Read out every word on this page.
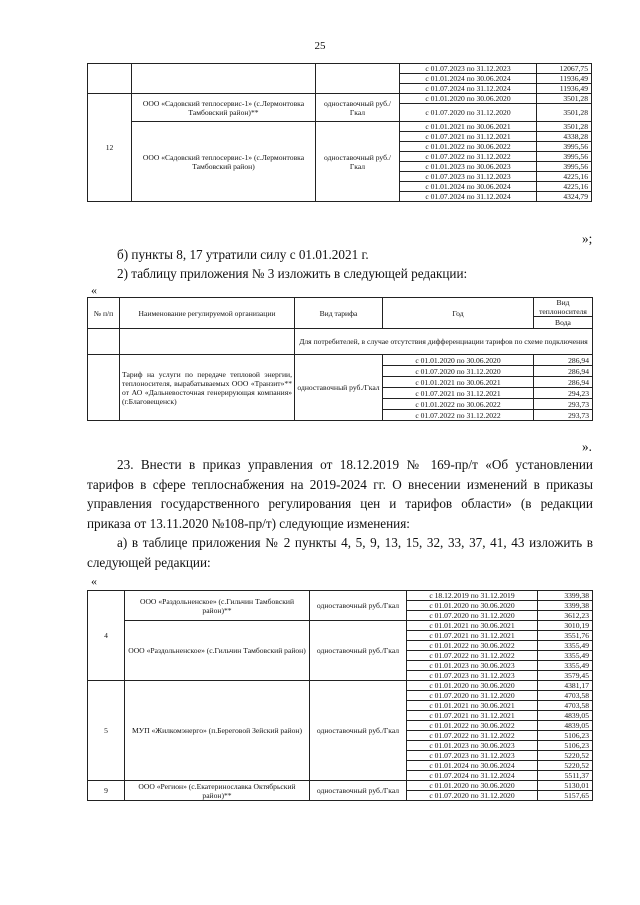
25
			с 01.07.2023 по 31.12.2023	12067,75
			с 01.01.2024 по 30.06.2024	11936,49
			с 01.07.2024 по 31.12.2024	11936,49
12	ООО «Садовский теплосервис-1» (с.Лермонтовка Тамбовский район)**	одноставочный руб./Гкал	с 01.01.2020 по 30.06.2020	3501,28
			с 01.07.2020 по 31.12.2020	3501,28
	ООО «Садовский теплосервис-1» (с.Лермонтовка Тамбовский район)	одноставочный руб./Гкал	с 01.01.2021 по 30.06.2021	3501,28
			с 01.07.2021 по 31.12.2021	4338,28
			с 01.01.2022 по 30.06.2022	3995,56
			с 01.07.2022 по 31.12.2022	3995,56
			с 01.01.2023 по 30.06.2023	3995,56
			с 01.07.2023 по 31.12.2023	4225,16
			с 01.01.2024 по 30.06.2024	4225,16
			с 01.07.2024 по 31.12.2024	4324,79
»;
б) пункты 8, 17 утратили силу с 01.01.2021 г.
2) таблицу приложения № 3 изложить в следующей редакции:
«
№ п/п	Наименование регулируемой организации	Вид тарифа	Год	Вид теплоносителя
				Вода
		Для потребителей, в случае отсутствия дифференциации тарифов по схеме подключения		
	Тариф на услуги по передаче тепловой энергии, теплоносителя, вырабатываемых ООО «Транзит»** от АО «Дальневосточная генерирующая компания» (г.Благовещенск)	одноставочный руб./Гкал	с 01.01.2020 по 30.06.2020	286,94
			с 01.07.2020 по 31.12.2020	286,94
			с 01.01.2021 по 30.06.2021	286,94
			с 01.07.2021 по 31.12.2021	294,23
			с 01.01.2022 по 30.06.2022	293,73
			с 01.07.2022 по 31.12.2022	293,73
».
23. Внести в приказ управления от 18.12.2019 № 169-пр/т «Об установлении тарифов в сфере теплоснабжения на 2019-2024 гг. О внесении изменений в приказы управления государственного регулирования цен и тарифов области» (в редакции приказа от 13.11.2020 №108-пр/т) следующие изменения:
а) в таблице приложения № 2 пункты 4, 5, 9, 13, 15, 32, 33, 37, 41, 43 изложить в следующей редакции:
«
4	ООО «Раздольненское» (с.Гильчин Тамбовский район)**	одноставочный руб./Гкал	с 18.12.2019 по 31.12.2019	3399,38
			с 01.01.2020 по 30.06.2020	3399,38
			с 01.07.2020 по 31.12.2020	3612,23
	ООО «Раздольненское» (с.Гильчин Тамбовский район)	одноставочный руб./Гкал	с 01.01.2021 по 30.06.2021	3010,19
			с 01.07.2021 по 31.12.2021	3551,76
			с 01.01.2022 по 30.06.2022	3355,49
			с 01.07.2022 по 31.12.2022	3355,49
			с 01.01.2023 по 30.06.2023	3355,49
			с 01.07.2023 по 31.12.2023	3579,45
5	МУП «Жилкомэнерго» (п.Береговой Зейский район)	одноставочный руб./Гкал	с 01.01.2020 по 30.06.2020	4381,17
			с 01.07.2020 по 31.12.2020	4703,58
			с 01.01.2021 по 30.06.2021	4703,58
			с 01.07.2021 по 31.12.2021	4839,05
			с 01.01.2022 по 30.06.2022	4839,05
			с 01.07.2022 по 31.12.2022	5106,23
			с 01.01.2023 по 30.06.2023	5106,23
			с 01.07.2023 по 31.12.2023	5220,52
			с 01.01.2024 по 30.06.2024	5220,52
			с 01.07.2024 по 31.12.2024	5511,37
9	ООО «Регион» (с.Екатеринославка Октябрьский район)**	одноставочный руб./Гкал	с 01.01.2020 по 30.06.2020	5130,01
			с 01.07.2020 по 31.12.2020	5157,65
